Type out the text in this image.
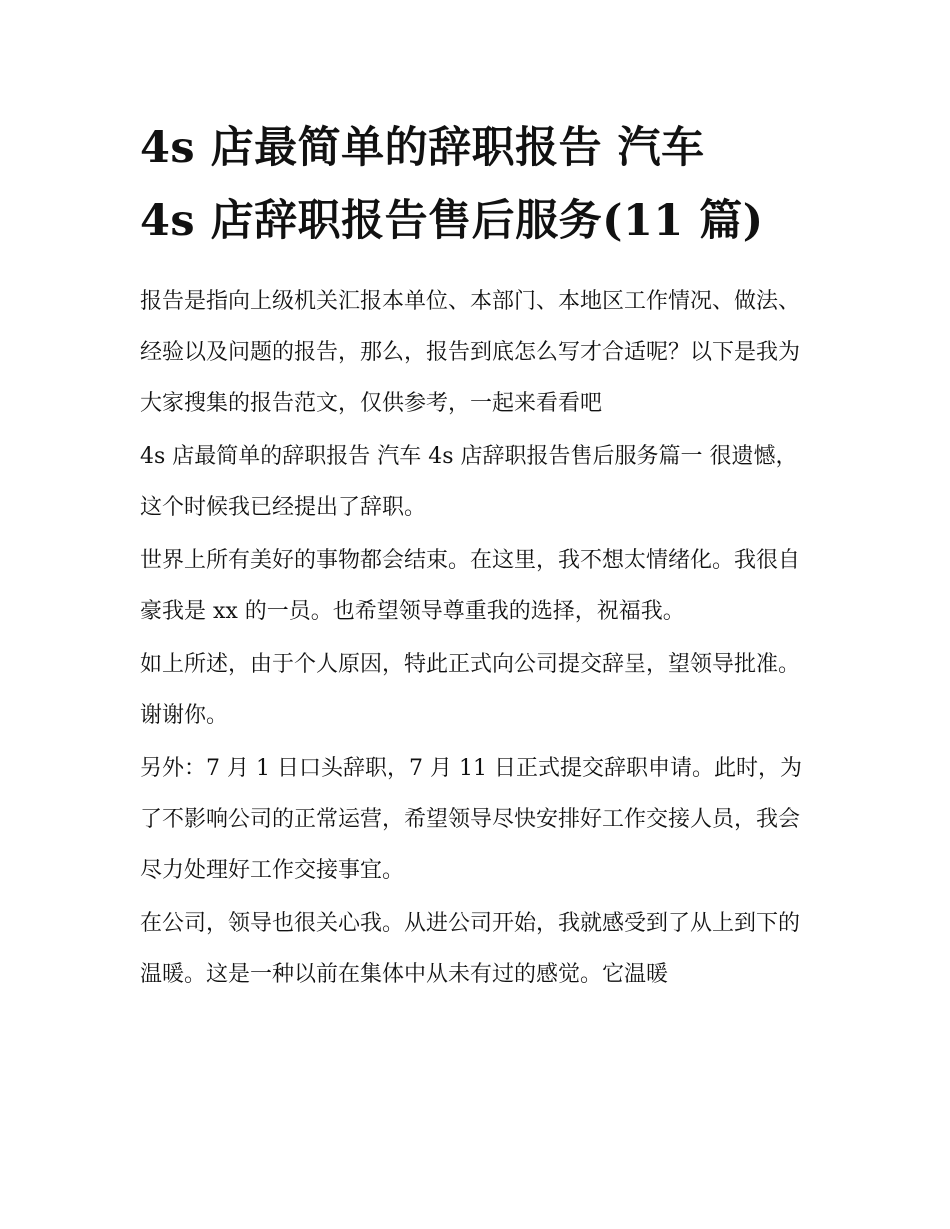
4s 店最简单的辞职报告 汽车
4s 店辞职报告售后服务(11 篇)

报告是指向上级机关汇报本单位、本部门、本地区工作情况、做法、经验以及问题的报告，那么，报告到底怎么写才合适呢？以下是我为大家搜集的报告范文，仅供参考，一起来看看吧

4s 店最简单的辞职报告 汽车 4s 店辞职报告售后服务篇一 很遗憾，这个时候我已经提出了辞职。

世界上所有美好的事物都会结束。在这里，我不想太情绪化。我很自豪我是 xx 的一员。也希望领导尊重我的选择，祝福我。

如上所述，由于个人原因，特此正式向公司提交辞呈，望领导批准。谢谢你。

另外：7 月 1 日口头辞职，7 月 11 日正式提交辞职申请。此时，为了不影响公司的正常运营，希望领导尽快安排好工作交接人员，我会尽力处理好工作交接事宜。

在公司，领导也很关心我。从进公司开始，我就感受到了从上到下的温暖。这是一种以前在集体中从未有过的感觉。它温暖
